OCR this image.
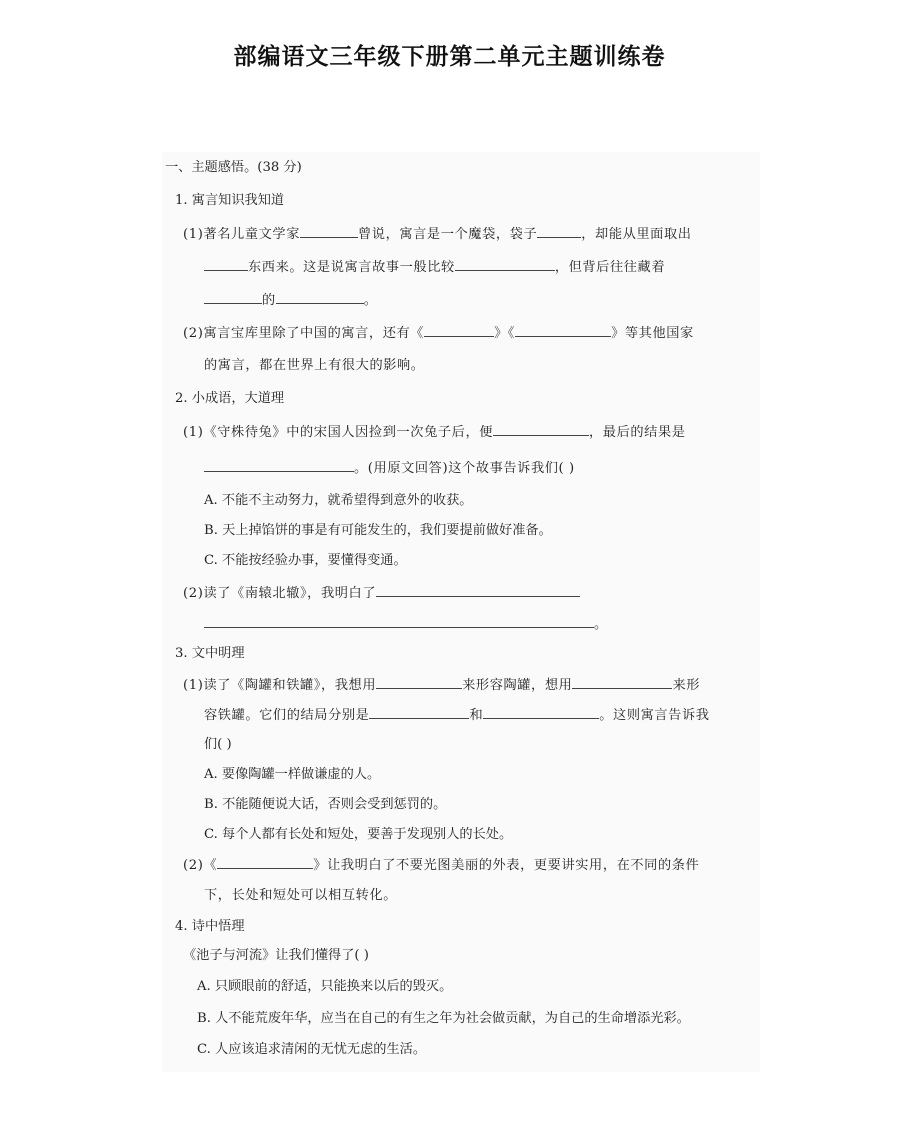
部编语文三年级下册第二单元主题训练卷
一、主题感悟。(38 分)
1. 寓言知识我知道
(1)著名儿童文学家	曾说，寓言是一个魔袋，袋子	，却能从里面取出
东西来。这是说寓言故事一般比较	，但背后往往藏着
的	。
(2)寓言宝库里除了中国的寓言，还有《	》《	》等其他国家
的寓言，都在世界上有很大的影响。
2. 小成语，大道理
(1)《守株待兔》中的宋国人因捡到一次兔子后，便	，最后的结果是
。(用原文回答)这个故事告诉我们( )
A. 不能不主动努力，就希望得到意外的收获。
B. 天上掉馅饼的事是有可能发生的，我们要提前做好准备。
C. 不能按经验办事，要懂得变通。
(2)读了《南辕北辙》，我明白了
。
3. 文中明理
(1)读了《陶罐和铁罐》，我想用	来形容陶罐，想用	来形
容铁罐。它们的结局分别是	和	。这则寓言告诉我
们( )
A. 要像陶罐一样做谦虚的人。
B. 不能随便说大话，否则会受到惩罚的。
C. 每个人都有长处和短处，要善于发现别人的长处。
(2)《	》让我明白了不要光图美丽的外表，更要讲实用，在不同的条件
下，长处和短处可以相互转化。
4. 诗中悟理
《池子与河流》让我们懂得了( )
A. 只顾眼前的舒适，只能换来以后的毁灭。
B. 人不能荒废年华，应当在自己的有生之年为社会做贡献，为自己的生命增添光彩。
C. 人应该追求清闲的无忧无虑的生活。
